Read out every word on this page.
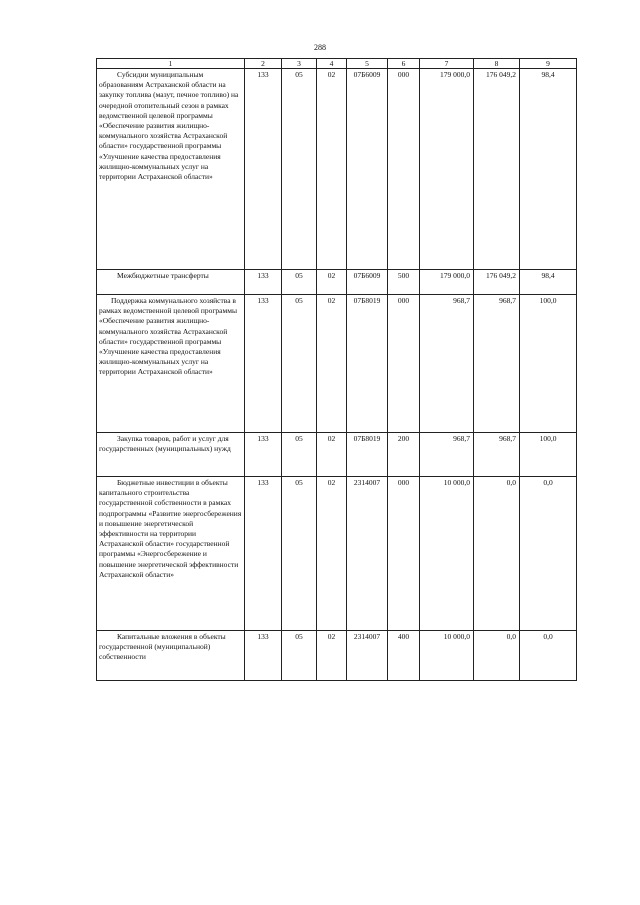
288
1	2	3	4	5	6	7	8	9

Субсидии муниципальным образованиям Астраханской области на закупку топлива (мазут, печное топливо) на очередной отопительный сезон в рамках ведомственной целевой программы «Обеспечение развития жилищно-коммунального хозяйства Астраханской области» государственной программы «Улучшение качества предоставления жилищно-коммунальных услуг на территории Астраханской области»	133	05	02	07Б6009	000	179 000,0	176 049,2	98,4

Межбюджетные трансферты	133	05	02	07Б6009	500	179 000,0	176 049,2	98,4

Поддержка коммунального хозяйства в рамках ведомственной целевой программы «Обеспечение развития жилищно-коммунального хозяйства Астраханской области» государственной программы «Улучшение качества предоставления жилищно-коммунальных услуг на территории Астраханской области»	133	05	02	07Б8019	000	968,7	968,7	100,0

Закупка товаров, работ и услуг для государственных (муниципальных) нужд	133	05	02	07Б8019	200	968,7	968,7	100,0

Бюджетные инвестиции в объекты капитального строительства государственной собственности в рамках подпрограммы «Развитие энергосбережения и повышение энергетической эффективности на территории Астраханской области» государственной программы «Энергосбережение и повышение энергетической эффективности Астраханской области»	133	05	02	2314007	000	10 000,0	0,0	0,0

Капитальные вложения в объекты государственной (муниципальной) собственности	133	05	02	2314007	400	10 000,0	0,0	0,0
